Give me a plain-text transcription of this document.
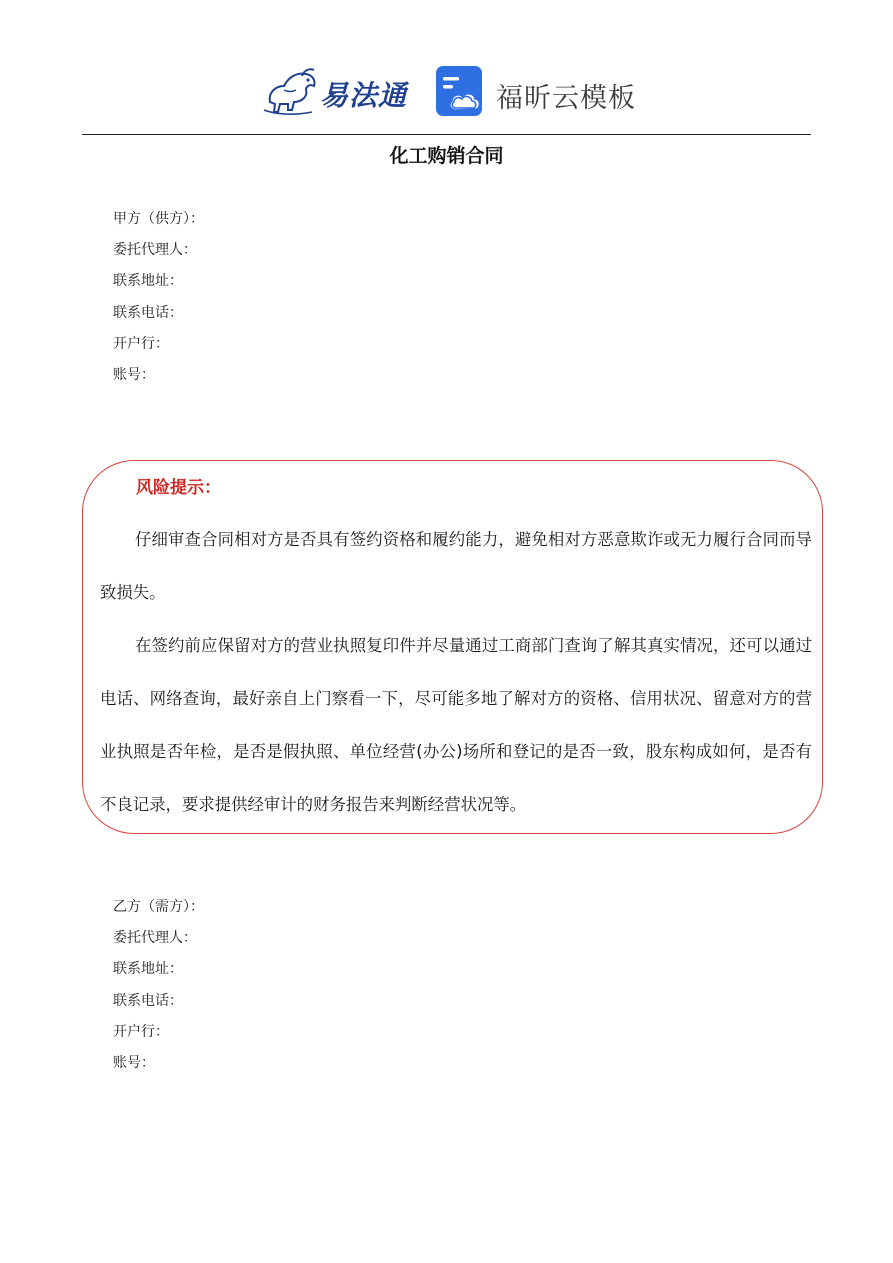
易法通	福昕云模板
化工购销合同
甲方（供方）：
委托代理人：
联系地址：
联系电话：
开户行：
账号：
风险提示：

仔细审查合同相对方是否具有签约资格和履约能力，避免相对方恶意欺诈或无力履行合同而导致损失。

在签约前应保留对方的营业执照复印件并尽量通过工商部门查询了解其真实情况，还可以通过电话、网络查询，最好亲自上门察看一下，尽可能多地了解对方的资格、信用状况、留意对方的营业执照是否年检，是否是假执照、单位经营(办公)场所和登记的是否一致，股东构成如何，是否有不良记录，要求提供经审计的财务报告来判断经营状况等。

乙方（需方）：
委托代理人：
联系地址：
联系电话：
开户行：
账号：
